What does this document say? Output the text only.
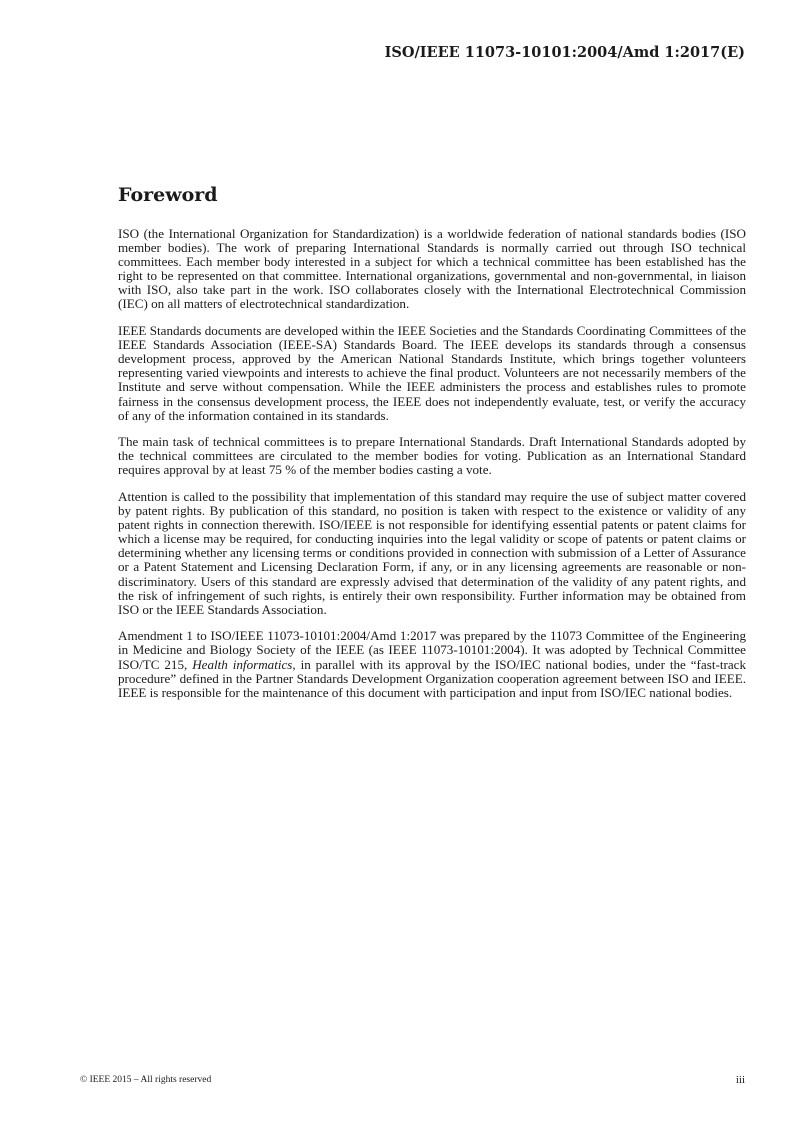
ISO/IEEE 11073-10101:2004/Amd 1:2017(E)

Foreword

ISO (the International Organization for Standardization) is a worldwide federation of national standards bodies (ISO member bodies). The work of preparing International Standards is normally carried out through ISO technical committees. Each member body interested in a subject for which a technical committee has been established has the right to be represented on that committee. International organizations, governmental and non-governmental, in liaison with ISO, also take part in the work. ISO collaborates closely with the International Electrotechnical Commission (IEC) on all matters of electrotechnical standardization.

IEEE Standards documents are developed within the IEEE Societies and the Standards Coordinating Committees of the IEEE Standards Association (IEEE-SA) Standards Board. The IEEE develops its standards through a consensus development process, approved by the American National Standards Institute, which brings together volunteers representing varied viewpoints and interests to achieve the final product. Volunteers are not necessarily members of the Institute and serve without compensation. While the IEEE administers the process and establishes rules to promote fairness in the consensus development process, the IEEE does not independently evaluate, test, or verify the accuracy of any of the information contained in its standards.

The main task of technical committees is to prepare International Standards. Draft International Standards adopted by the technical committees are circulated to the member bodies for voting. Publication as an International Standard requires approval by at least 75 % of the member bodies casting a vote.

Attention is called to the possibility that implementation of this standard may require the use of subject matter covered by patent rights. By publication of this standard, no position is taken with respect to the existence or validity of any patent rights in connection therewith. ISO/IEEE is not responsible for identifying essential patents or patent claims for which a license may be required, for conducting inquiries into the legal validity or scope of patents or patent claims or determining whether any licensing terms or conditions provided in connection with submission of a Letter of Assurance or a Patent Statement and Licensing Declaration Form, if any, or in any licensing agreements are reasonable or non-discriminatory. Users of this standard are expressly advised that determination of the validity of any patent rights, and the risk of infringement of such rights, is entirely their own responsibility. Further information may be obtained from ISO or the IEEE Standards Association.

Amendment 1 to ISO/IEEE 11073-10101:2004/Amd 1:2017 was prepared by the 11073 Committee of the Engineering in Medicine and Biology Society of the IEEE (as IEEE 11073-10101:2004). It was adopted by Technical Committee ISO/TC 215, Health informatics, in parallel with its approval by the ISO/IEC national bodies, under the “fast-track procedure” defined in the Partner Standards Development Organization cooperation agreement between ISO and IEEE. IEEE is responsible for the maintenance of this document with participation and input from ISO/IEC national bodies.

© IEEE 2015 – All rights reserved	iii
